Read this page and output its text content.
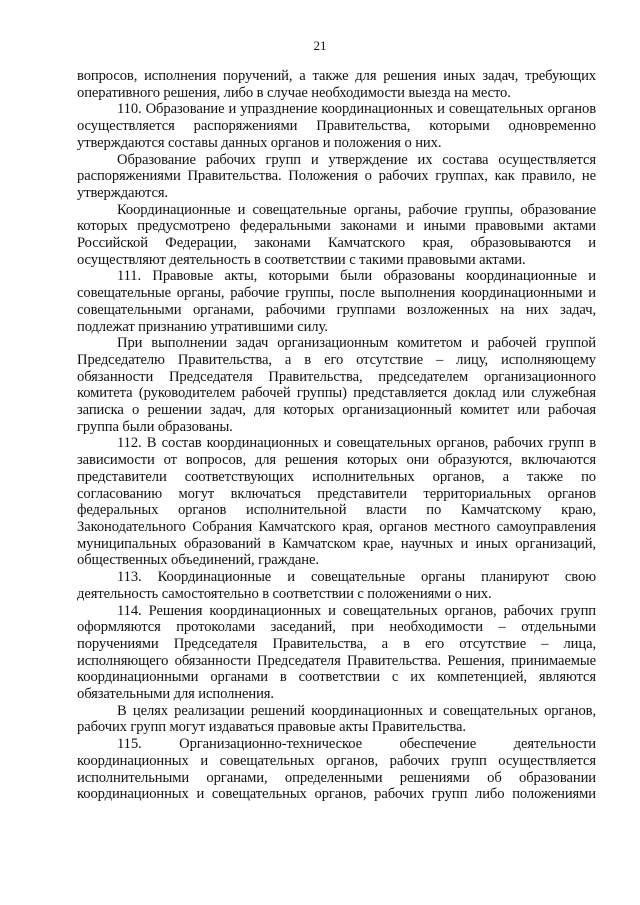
21

вопросов, исполнения поручений, а также для решения иных задач, требующих оперативного решения, либо в случае необходимости выезда на место.

110. Образование и упразднение координационных и совещательных органов осуществляется распоряжениями Правительства, которыми одновременно утверждаются составы данных органов и положения о них.

Образование рабочих групп и утверждение их состава осуществляется распоряжениями Правительства. Положения о рабочих группах, как правило, не утверждаются.

Координационные и совещательные органы, рабочие группы, образование которых предусмотрено федеральными законами и иными правовыми актами Российской Федерации, законами Камчатского края, образовываются и осуществляют деятельность в соответствии с такими правовыми актами.

111. Правовые акты, которыми были образованы координационные и совещательные органы, рабочие группы, после выполнения координационными и совещательными органами, рабочими группами возложенных на них задач, подлежат признанию утратившими силу.

При выполнении задач организационным комитетом и рабочей группой Председателю Правительства, а в его отсутствие – лицу, исполняющему обязанности Председателя Правительства, председателем организационного комитета (руководителем рабочей группы) представляется доклад или служебная записка о решении задач, для которых организационный комитет или рабочая группа были образованы.

112. В состав координационных и совещательных органов, рабочих групп в зависимости от вопросов, для решения которых они образуются, включаются представители соответствующих исполнительных органов, а также по согласованию могут включаться представители территориальных органов федеральных органов исполнительной власти по Камчатскому краю, Законодательного Собрания Камчатского края, органов местного самоуправления муниципальных образований в Камчатском крае, научных и иных организаций, общественных объединений, граждане.

113. Координационные и совещательные органы планируют свою деятельность самостоятельно в соответствии с положениями о них.

114. Решения координационных и совещательных органов, рабочих групп оформляются протоколами заседаний, при необходимости – отдельными поручениями Председателя Правительства, а в его отсутствие – лица, исполняющего обязанности Председателя Правительства. Решения, принимаемые координационными органами в соответствии с их компетенцией, являются обязательными для исполнения.

В целях реализации решений координационных и совещательных органов, рабочих групп могут издаваться правовые акты Правительства.

115. Организационно-техническое обеспечение деятельности координационных и совещательных органов, рабочих групп осуществляется исполнительными органами, определенными решениями об образовании координационных и совещательных органов, рабочих групп либо положениями
